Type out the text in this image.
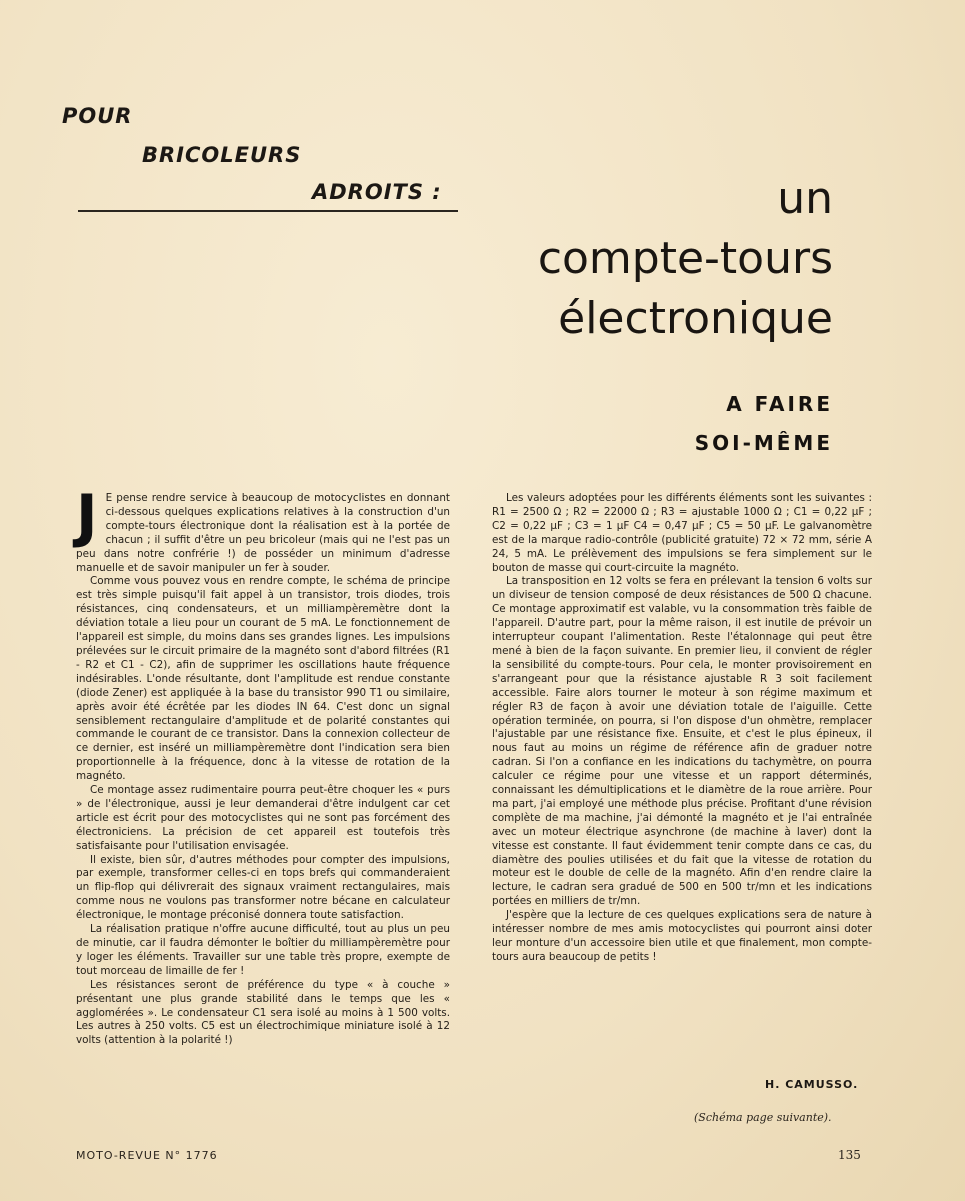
POUR
BRICOLEURS
ADROITS :	un
compte-tours
électronique
A FAIRE
SOI-MÊME

J E pense rendre service à beaucoup de motocyclistes en donnant ci-dessous quelques explications relatives à la construction d'un compte-tours électronique dont la réalisation est à la portée de chacun ; il suffit d'être un peu bricoleur (mais qui ne l'est pas un peu dans notre confrérie !) de posséder un minimum d'adresse manuelle et de savoir manipuler un fer à souder.

Comme vous pouvez vous en rendre compte, le schéma de principe est très simple puisqu'il fait appel à un transistor, trois diodes, trois résistances, cinq condensateurs, et un milliampèremètre dont la déviation totale a lieu pour un courant de 5 mA. Le fonctionnement de l'appareil est simple, du moins dans ses grandes lignes. Les impulsions prélevées sur le circuit primaire de la magnéto sont d'abord filtrées (R1 - R2 et C1 - C2), afin de supprimer les oscillations haute fréquence indésirables. L'onde résultante, dont l'amplitude est rendue constante (diode Zener) est appliquée à la base du transistor 990 T1 ou similaire, après avoir été écrêtée par les diodes IN 64. C'est donc un signal sensiblement rectangulaire d'amplitude et de polarité constantes qui commande le courant de ce transistor. Dans la connexion collecteur de ce dernier, est inséré un milliampèremètre dont l'indication sera bien proportionnelle à la fréquence, donc à la vitesse de rotation de la magnéto.

Ce montage assez rudimentaire pourra peut-être choquer les « purs » de l'électronique, aussi je leur demanderai d'être indulgent car cet article est écrit pour des motocyclistes qui ne sont pas forcément des électroniciens. La précision de cet appareil est toutefois très satisfaisante pour l'utilisation envisagée.

Il existe, bien sûr, d'autres méthodes pour compter des impulsions, par exemple, transformer celles-ci en tops brefs qui commanderaient un flip-flop qui délivrerait des signaux vraiment rectangulaires, mais comme nous ne voulons pas transformer notre bécane en calculateur électronique, le montage préconisé donnera toute satisfaction.

La réalisation pratique n'offre aucune difficulté, tout au plus un peu de minutie, car il faudra démonter le boîtier du milliampèremètre pour y loger les éléments. Travailler sur une table très propre, exempte de tout morceau de limaille de fer !

Les résistances seront de préférence du type « à couche » présentant une plus grande stabilité dans le temps que les « agglomérées ». Le condensateur C1 sera isolé au moins à 1 500 volts. Les autres à 250 volts. C5 est un électrochimique miniature isolé à 12 volts (attention à la polarité !)

Les valeurs adoptées pour les différents éléments sont les suivantes : R1 = 2500 Ω ; R2 = 22000 Ω ; R3 = ajustable 1000 Ω ; C1 = 0,22 µF ; C2 = 0,22 µF ; C3 = 1 µF C4 = 0,47 µF ; C5 = 50 µF. Le galvanomètre est de la marque radio-contrôle (publicité gratuite) 72 × 72 mm, série A 24, 5 mA. Le prélèvement des impulsions se fera simplement sur le bouton de masse qui court-circuite la magnéto.

La transposition en 12 volts se fera en prélevant la tension 6 volts sur un diviseur de tension composé de deux résistances de 500 Ω chacune. Ce montage approximatif est valable, vu la consommation très faible de l'appareil. D'autre part, pour la même raison, il est inutile de prévoir un interrupteur coupant l'alimentation. Reste l'étalonnage qui peut être mené à bien de la façon suivante. En premier lieu, il convient de régler la sensibilité du compte-tours. Pour cela, le monter provisoirement en s'arrangeant pour que la résistance ajustable R 3 soit facilement accessible. Faire alors tourner le moteur à son régime maximum et régler R3 de façon à avoir une déviation totale de l'aiguille. Cette opération terminée, on pourra, si l'on dispose d'un ohmètre, remplacer l'ajustable par une résistance fixe. Ensuite, et c'est le plus épineux, il nous faut au moins un régime de référence afin de graduer notre cadran. Si l'on a confiance en les indications du tachymètre, on pourra calculer ce régime pour une vitesse et un rapport déterminés, connaissant les démultiplications et le diamètre de la roue arrière. Pour ma part, j'ai employé une méthode plus précise. Profitant d'une révision complète de ma machine, j'ai démonté la magnéto et je l'ai entraînée avec un moteur électrique asynchrone (de machine à laver) dont la vitesse est constante. Il faut évidemment tenir compte dans ce cas, du diamètre des poulies utilisées et du fait que la vitesse de rotation du moteur est le double de celle de la magnéto. Afin d'en rendre claire la lecture, le cadran sera gradué de 500 en 500 tr/mn et les indications portées en milliers de tr/mn.

J'espère que la lecture de ces quelques explications sera de nature à intéresser nombre de mes amis motocyclistes qui pourront ainsi doter leur monture d'un accessoire bien utile et que finalement, mon compte-tours aura beaucoup de petits !

H. CAMUSSO.
(Schéma page suivante).
MOTO-REVUE N° 1776	135
